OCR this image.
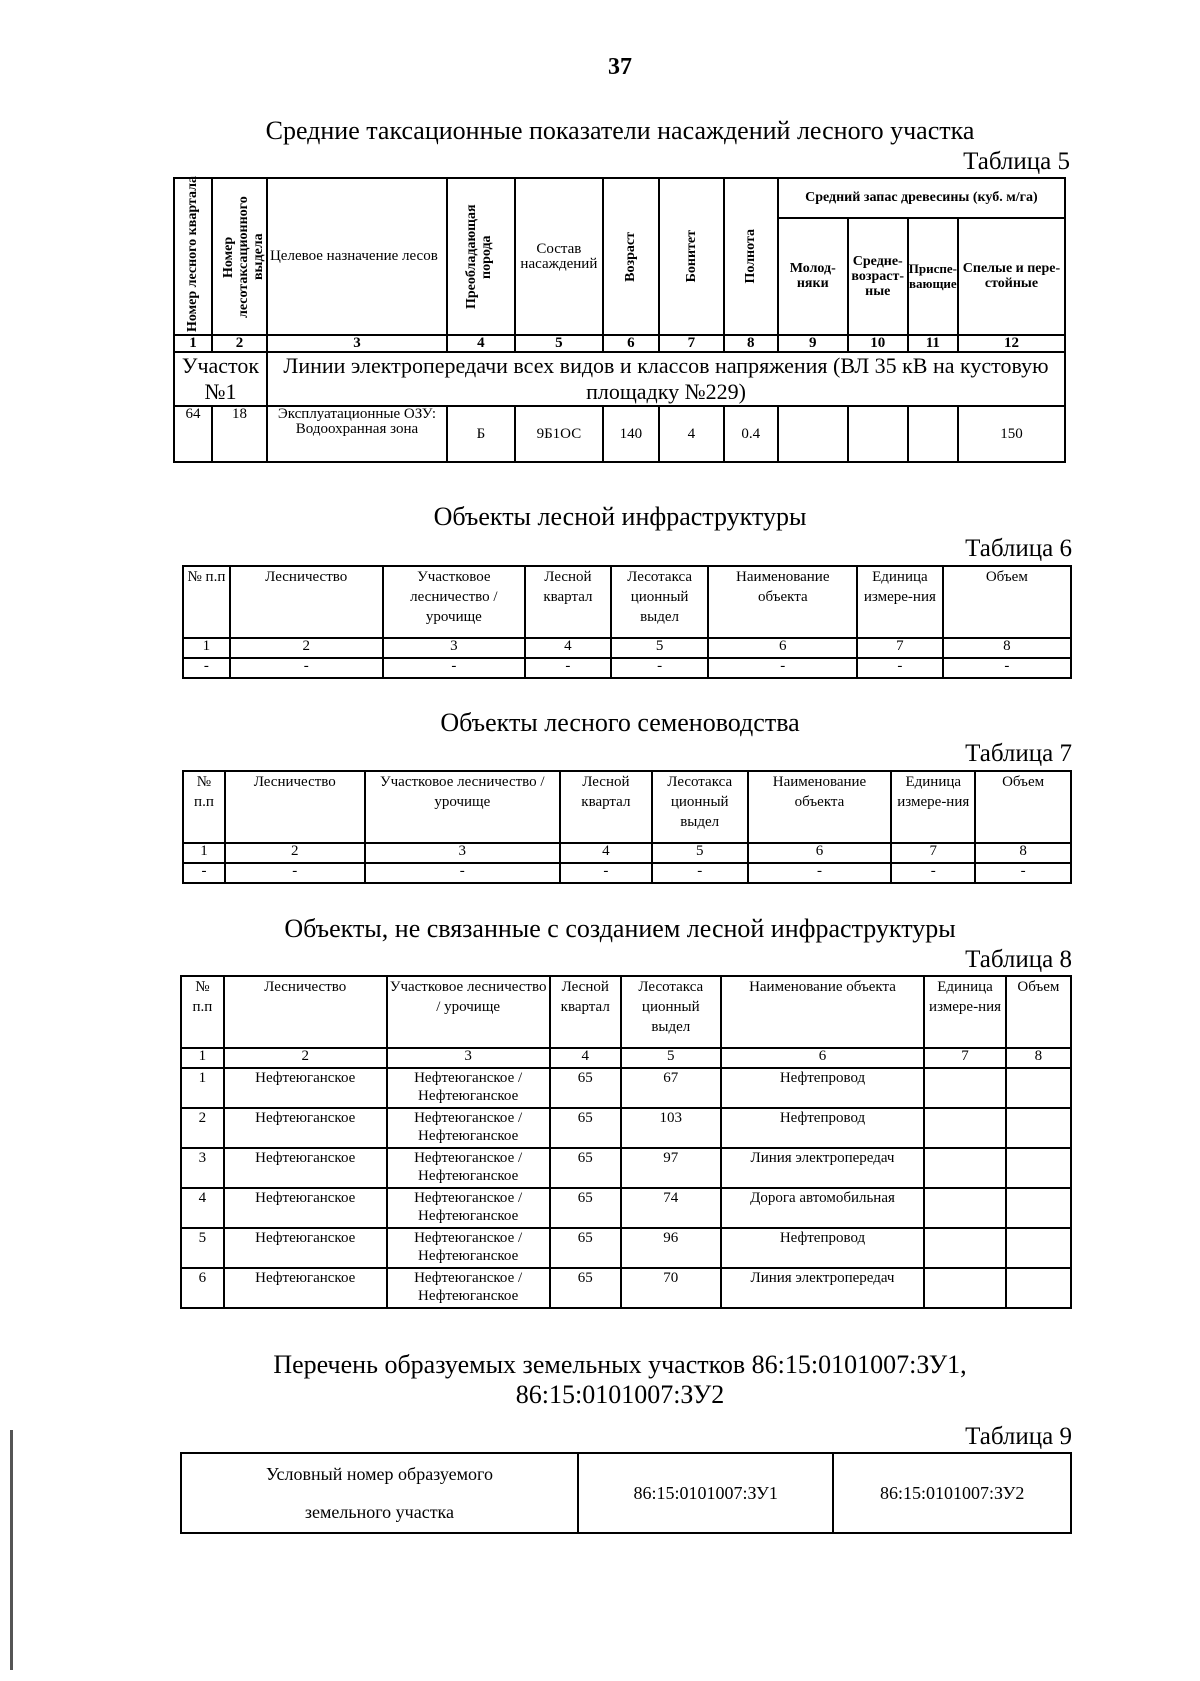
37
Средние таксационные показатели насаждений лесного участка
Таблица 5
Номер лесного квартала	Номер лесотаксационного выдела	Целевое назначение лесов	Преобладающая порода	Состав насаждений	Возраст	Бонитет	Полнота	Средний запас древесины (куб. м/га)			
								Молод-няки	Средне-возраст-ные	Приспе-вающие	Спелые и пере-стойные
1	2	3	4	5	6	7	8	9	10	11	12
Участок №1		Линии электропередачи всех видов и классов напряжения (ВЛ 35 кВ на кустовую площадку №229)									
64	18	Эксплуатационные ОЗУ: Водоохранная зона	Б	9Б1ОС	140	4	0.4				150
Объекты лесной инфраструктуры
Таблица 6
№ п.п	Лесничество	Участковое лесничество / урочище	Лесной квартал	Лесотакса ционный выдел	Наименование объекта	Единица измере-ния	Объем
1	2	3	4	5	6	7	8
-	-	-	-	-	-	-	-
Объекты лесного семеноводства
Таблица 7
№ п.п	Лесничество	Участковое лесничество / урочище	Лесной квартал	Лесотакса ционный выдел	Наименование объекта	Единица измере-ния	Объем
1	2	3	4	5	6	7	8
-	-	-	-	-	-	-	-
Объекты, не связанные с созданием лесной инфраструктуры
Таблица 8
№ п.п	Лесничество	Участковое лесничество / урочище	Лесной квартал	Лесотакса ционный выдел	Наименование объекта	Единица измере-ния	Объем
1	2	3	4	5	6	7	8
1	Нефтеюганское	Нефтеюганское / Нефтеюганское	65	67	Нефтепровод		
2	Нефтеюганское	Нефтеюганское / Нефтеюганское	65	103	Нефтепровод		
3	Нефтеюганское	Нефтеюганское / Нефтеюганское	65	97	Линия электропередач		
4	Нефтеюганское	Нефтеюганское / Нефтеюганское	65	74	Дорога автомобильная		
5	Нефтеюганское	Нефтеюганское / Нефтеюганское	65	96	Нефтепровод		
6	Нефтеюганское	Нефтеюганское / Нефтеюганское	65	70	Линия электропередач		
Перечень образуемых земельных участков 86:15:0101007:ЗУ1,
86:15:0101007:ЗУ2
Таблица 9
Условный номер образуемого земельного участка	86:15:0101007:ЗУ1	86:15:0101007:ЗУ2
